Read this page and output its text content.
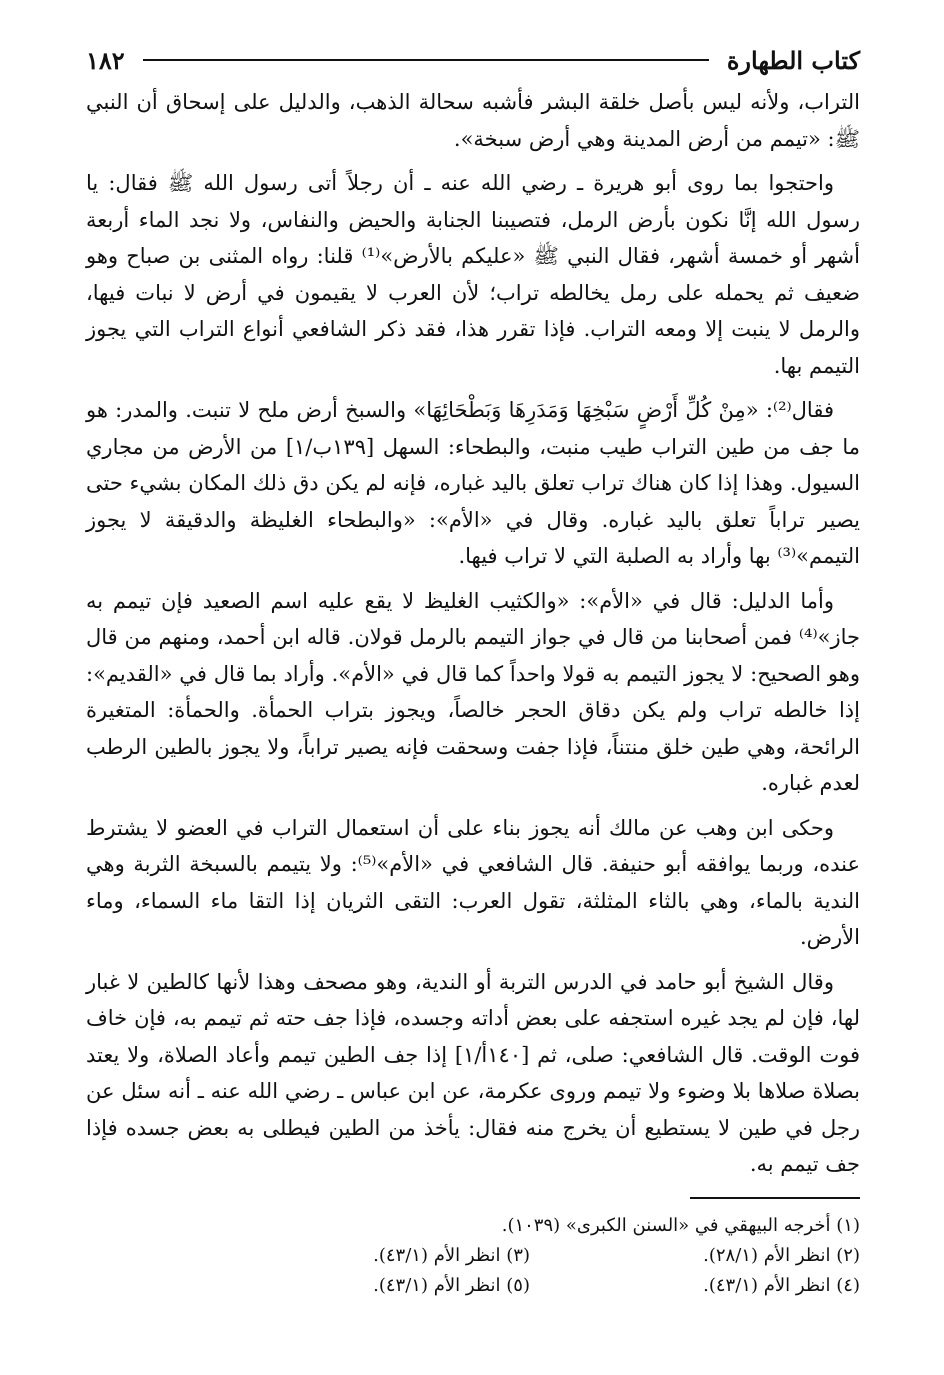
كتاب الطهارة
١٨٢

التراب، ولأنه ليس بأصل خلقة البشر فأشبه سحالة الذهب، والدليل على إسحاق أن النبي ﷺ: «تيمم من أرض المدينة وهي أرض سبخة».

واحتجوا بما روى أبو هريرة ـ رضي الله عنه ـ أن رجلاً أتى رسول الله ﷺ فقال: يا رسول الله إنَّا نكون بأرض الرمل، فتصيبنا الجنابة والحيض والنفاس، ولا نجد الماء أربعة أشهر أو خمسة أشهر، فقال النبي ﷺ «عليكم بالأرض»⁽¹⁾ قلنا: رواه المثنى بن صباح وهو ضعيف ثم يحمله على رمل يخالطه تراب؛ لأن العرب لا يقيمون في أرض لا نبات فيها، والرمل لا ينبت إلا ومعه التراب. فإذا تقرر هذا، فقد ذكر الشافعي أنواع التراب التي يجوز التيمم بها.

فقال⁽²⁾: «مِنْ كُلِّ أَرْضٍ سَبْخِهَا وَمَدَرِهَا وَبَطْحَائِهَا» والسبخ أرض ملح لا تنبت. والمدر: هو ما جف من طين التراب طيب منبت، والبطحاء: السهل [١٣٩ب/١] من الأرض من مجاري السيول. وهذا إذا كان هناك تراب تعلق باليد غباره، فإنه لم يكن دق ذلك المكان بشيء حتى يصير تراباً تعلق باليد غباره. وقال في «الأم»: «والبطحاء الغليظة والدقيقة لا يجوز التيمم»⁽³⁾ بها وأراد به الصلبة التي لا تراب فيها.

وأما الدليل: قال في «الأم»: «والكثيب الغليظ لا يقع عليه اسم الصعيد فإن تيمم به جاز»⁽⁴⁾ فمن أصحابنا من قال في جواز التيمم بالرمل قولان. قاله ابن أحمد، ومنهم من قال وهو الصحيح: لا يجوز التيمم به قولا واحداً كما قال في «الأم». وأراد بما قال في «القديم»: إذا خالطه تراب ولم يكن دقاق الحجر خالصاً، ويجوز بتراب الحمأة. والحمأة: المتغيرة الرائحة، وهي طين خلق منتناً، فإذا جفت وسحقت فإنه يصير تراباً، ولا يجوز بالطين الرطب لعدم غباره.

وحكى ابن وهب عن مالك أنه يجوز بناء على أن استعمال التراب في العضو لا يشترط عنده، وربما يوافقه أبو حنيفة. قال الشافعي في «الأم»⁽⁵⁾: ولا يتيمم بالسبخة الثربة وهي الندية بالماء، وهي بالثاء المثلثة، تقول العرب: التقى الثريان إذا التقا ماء السماء، وماء الأرض.

وقال الشيخ أبو حامد في الدرس التربة أو الندية، وهو مصحف وهذا لأنها كالطين لا غبار لها، فإن لم يجد غيره استجفه على بعض أداته وجسده، فإذا جف حته ثم تيمم به، فإن خاف فوت الوقت. قال الشافعي: صلى، ثم [١٤٠أ/١] إذا جف الطين تيمم وأعاد الصلاة، ولا يعتد بصلاة صلاها بلا وضوء ولا تيمم وروى عكرمة، عن ابن عباس ـ رضي الله عنه ـ أنه سئل عن رجل في طين لا يستطيع أن يخرج منه فقال: يأخذ من الطين فيطلى به بعض جسده فإذا جف تيمم به.

(١) أخرجه البيهقي في «السنن الكبرى» (١٠٣٩).
(٢) انظر الأم (٢٨/١).
(٣) انظر الأم (٤٣/١).
(٤) انظر الأم (٤٣/١).
(٥) انظر الأم (٤٣/١).
